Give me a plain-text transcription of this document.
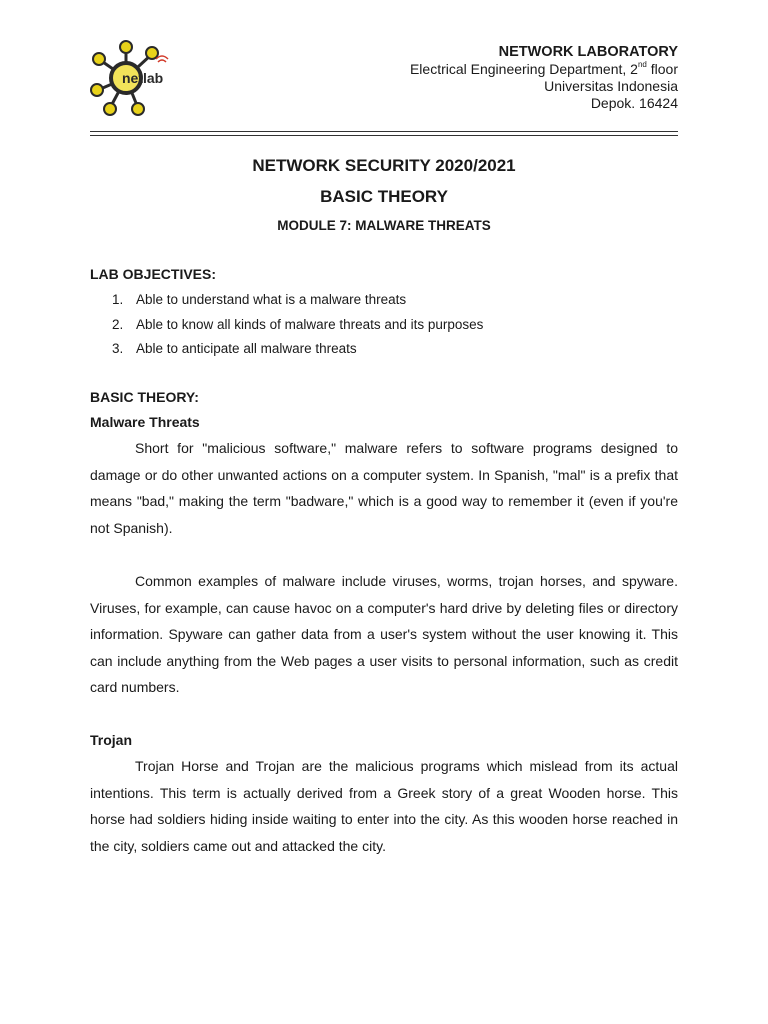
netlab
NETWORK LABORATORY
Electrical Engineering Department, 2nd floor
Universitas Indonesia
Depok. 16424
NETWORK SECURITY 2020/2021
BASIC THEORY
MODULE 7: MALWARE THREATS
LAB OBJECTIVES:
1. Able to understand what is a malware threats
2. Able to know all kinds of malware threats and its purposes
3. Able to anticipate all malware threats
BASIC THEORY:
Malware Threats

Short for "malicious software," malware refers to software programs designed to damage or do other unwanted actions on a computer system. In Spanish, "mal" is a prefix that means "bad," making the term "badware," which is a good way to remember it (even if you're not Spanish).

Common examples of malware include viruses, worms, trojan horses, and spyware. Viruses, for example, can cause havoc on a computer's hard drive by deleting files or directory information. Spyware can gather data from a user's system without the user knowing it. This can include anything from the Web pages a user visits to personal information, such as credit card numbers.

Trojan

Trojan Horse and Trojan are the malicious programs which mislead from its actual intentions. This term is actually derived from a Greek story of a great Wooden horse. This horse had soldiers hiding inside waiting to enter into the city. As this wooden horse reached in the city, soldiers came out and attacked the city.
